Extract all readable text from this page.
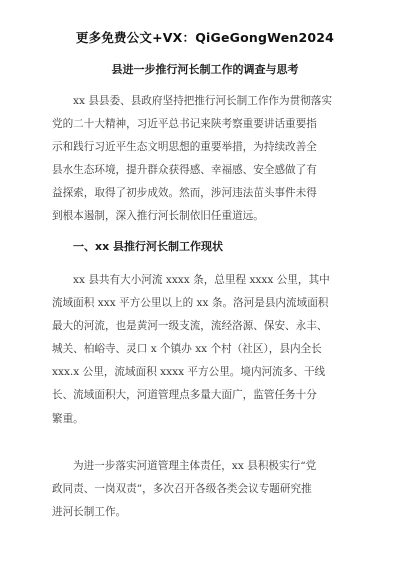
更多免费公文+VX：QiGeGongWen2024
县进一步推行河长制工作的调查与思考
xx 县县委、县政府坚持把推行河长制工作作为贯彻落实
党的二十大精神，习近平总书记来陕考察重要讲话重要指
示和践行习近平生态文明思想的重要举措，为持续改善全
县水生态环境，提升群众获得感、幸福感、安全感做了有
益探索，取得了初步成效。然而，涉河违法苗头事件未得
到根本遏制，深入推行河长制依旧任重道远。
一、xx 县推行河长制工作现状
xx 县共有大小河流 xxxx 条，总里程 xxxx 公里，其中
流域面积 xxx 平方公里以上的 xx 条。洛河是县内流域面积
最大的河流，也是黄河一级支流，流经洛源、保安、永丰、
城关、柏峪寺、灵口 x 个镇办 xx 个村（社区），县内全长
xxx.x 公里，流域面积 xxxx 平方公里。境内河流多、干线
长、流域面积大，河道管理点多量大面广，监管任务十分
繁重。
为进一步落实河道管理主体责任，xx 县积极实行“党
政同责、一岗双责”，多次召开各级各类会议专题研究推
进河长制工作。
